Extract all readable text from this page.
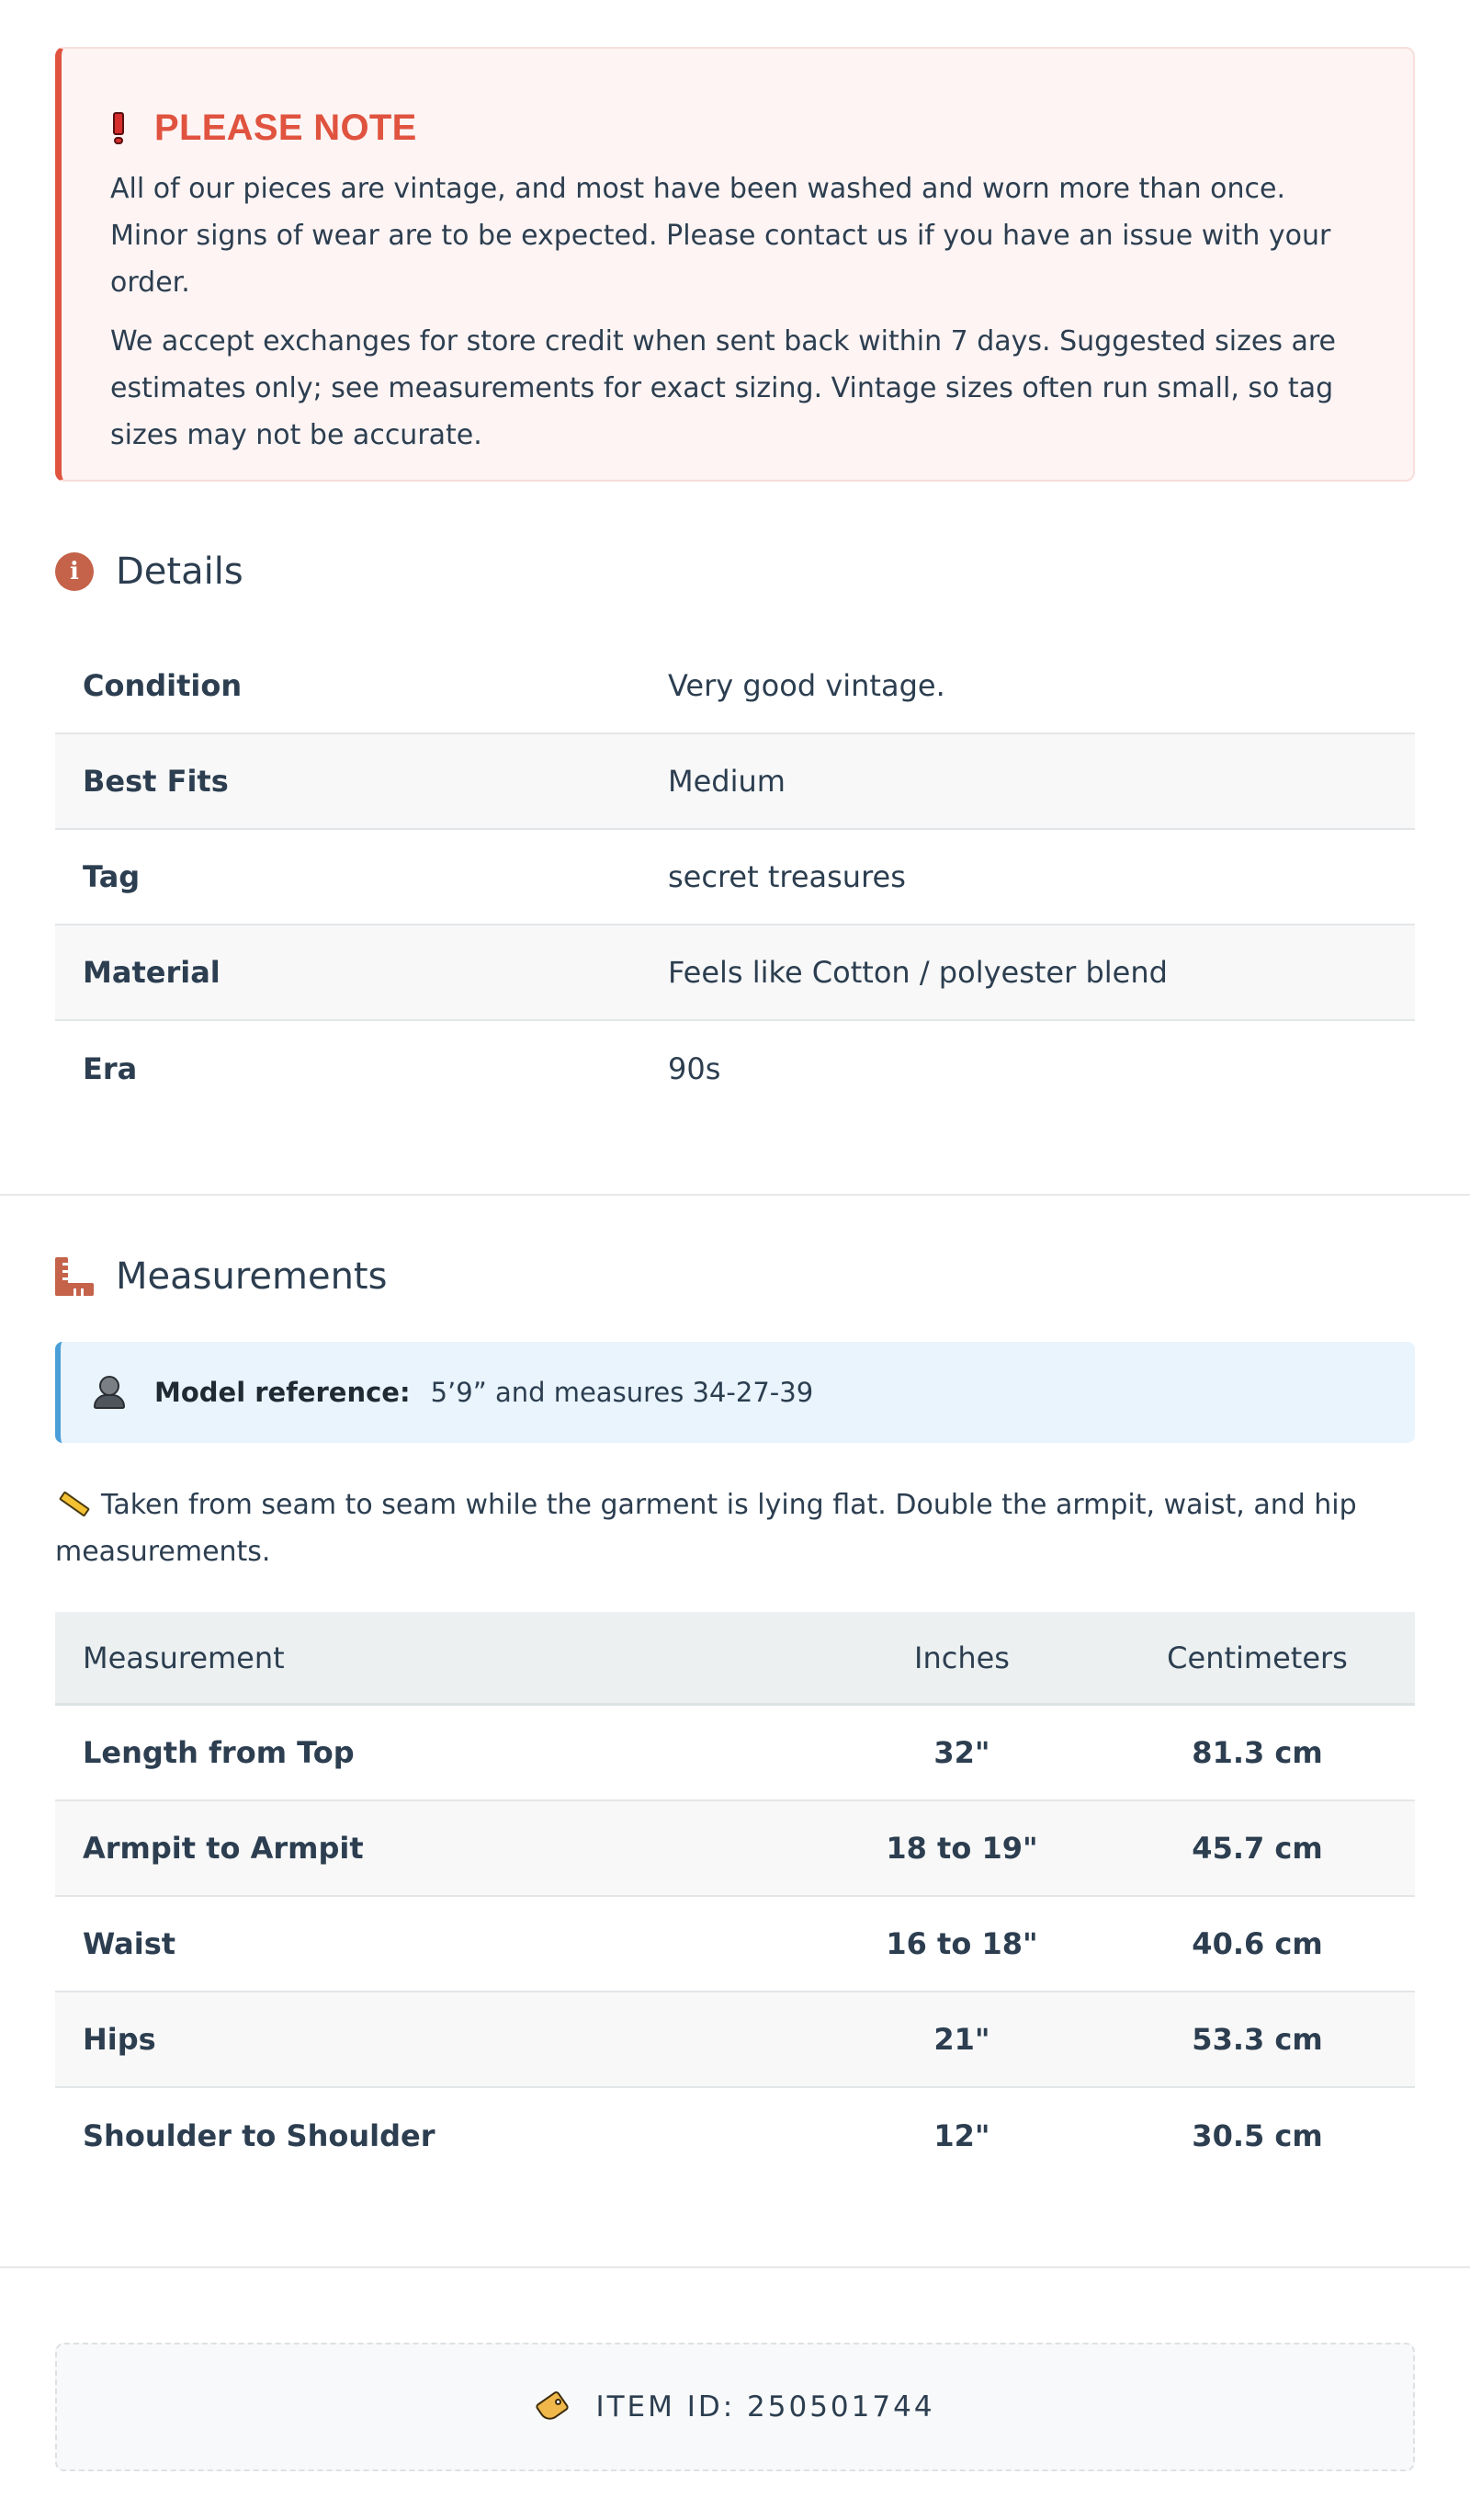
PLEASE NOTE

All of our pieces are vintage, and most have been washed and worn more than once. Minor signs of wear are to be expected. Please contact us if you have an issue with your order.

We accept exchanges for store credit when sent back within 7 days. Suggested sizes are estimates only; see measurements for exact sizing. Vintage sizes often run small, so tag sizes may not be accurate.

i	Details
Condition	Very good vintage.
Best Fits	Medium
Tag	secret treasures
Material	Feels like Cotton / polyester blend
Era	90s
Measurements
Model reference: 5’9” and measures 34-27-39
Taken from seam to seam while the garment is lying flat. Double the armpit, waist, and hip measurements.
Measurement	Inches	Centimeters
Length from Top	32"	81.3 cm
Armpit to Armpit	18 to 19"	45.7 cm
Waist	16 to 18"	40.6 cm
Hips	21"	53.3 cm
Shoulder to Shoulder	12"	30.5 cm
ITEM ID: 250501744
